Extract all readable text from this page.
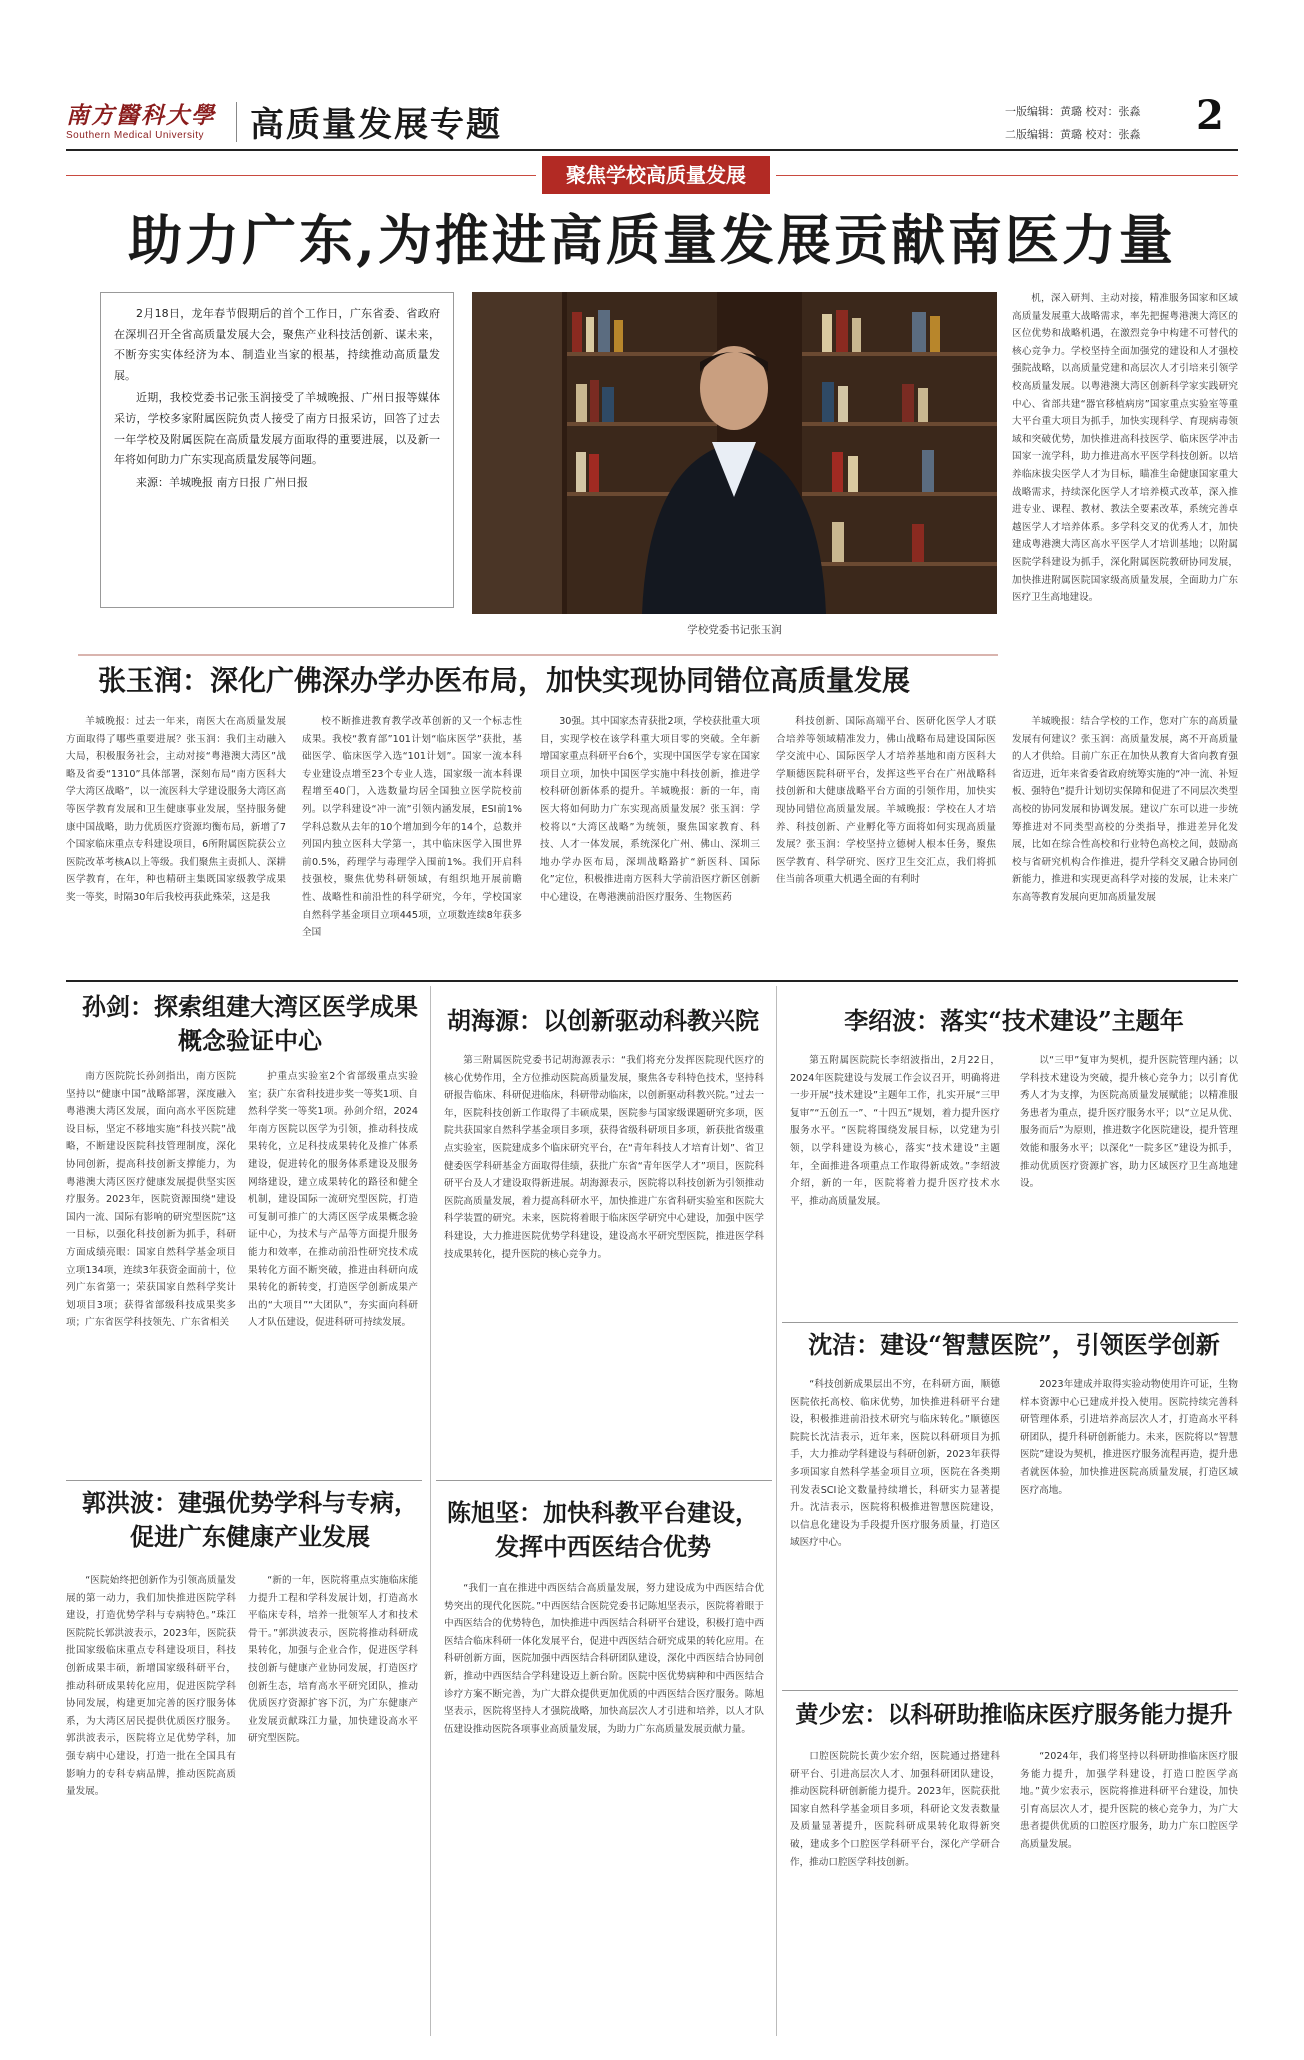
南方醫科大學
Southern Medical University	高质量发展专题	一版编辑：黄璐 校对：张淼
二版编辑：黄璐 校对：张淼 2
聚焦学校高质量发展
助力广东,为推进高质量发展贡献南医力量

2月18日，龙年春节假期后的首个工作日，广东省委、省政府在深圳召开全省高质量发展大会，聚焦产业科技活创新、谋未来，不断夯实实体经济为本、制造业当家的根基，持续推动高质量发展。

近期，我校党委书记张玉润接受了羊城晚报、广州日报等媒体采访，学校多家附属医院负责人接受了南方日报采访，回答了过去一年学校及附属医院在高质量发展方面取得的重要进展，以及新一年将如何助力广东实现高质量发展等问题。

来源：羊城晚报 南方日报 广州日报

学校党委书记张玉润

机，深入研判、主动对接，精准服务国家和区域高质量发展重大战略需求，率先把握粤港澳大湾区的区位优势和战略机遇，在激烈竞争中构建不可替代的核心竞争力。学校坚持全面加强党的建设和人才强校强院战略，以高质量党建和高层次人才引培来引领学校高质量发展。以粤港澳大湾区创新科学家实践研究中心、省部共建“器官移植病房”国家重点实验室等重大平台重大项目为抓手，加快实现科学、育现病毒领域和突破优势，加快推进高科技医学、临床医学冲击国家一流学科，助力推进高水平医学科技创新。以培养临床拔尖医学人才为目标，瞄准生命健康国家重大战略需求，持续深化医学人才培养模式改革，深入推进专业、课程、教材、教法全要素改革，系统完善卓越医学人才培养体系。多学科交叉的优秀人才，加快建成粤港澳大湾区高水平医学人才培训基地；以附属医院学科建设为抓手，深化附属医院教研协同发展，加快推进附属医院国家级高质量发展，全面助力广东医疗卫生高地建设。

张玉润：深化广佛深办学办医布局，加快实现协同错位高质量发展

羊城晚报：过去一年来，南医大在高质量发展方面取得了哪些重要进展？张玉润：我们主动融入大局，积极服务社会，主动对接“粤港澳大湾区”战略及省委“1310”具体部署，深刻布局“南方医科大学大湾区战略”，以一流医科大学建设服务大湾区高等医学教育发展和卫生健康事业发展，坚持服务健康中国战略，助力优质医疗资源均衡布局，新增了7个国家临床重点专科建设项目，6所附属医院获公立医院改革考核A以上等级。我们聚焦主责抓人、深耕医学教育，在年，种也精研主集既国家级教学成果奖一等奖，时隔30年后我校再获此殊荣，这是我

校不断推进教育教学改革创新的又一个标志性成果。我校“教育部”101计划“临床医学”获批，基础医学、临床医学入选“101计划”。国家一流本科专业建设点增至23个专业人选，国家级一流本科课程增至40门，入选数量均居全国独立医学院校前列。以学科建设“冲一流”引领内涵发展，ESI前1%学科总数从去年的10个增加到今年的14个，总数并列国内独立医科大学第一，其中临床医学入围世界前0.5%，药理学与毒理学入围前1%。我们开启科技强校，聚焦优势科研领域，有组织地开展前瞻性、战略性和前沿性的科学研究，今年，学校国家自然科学基金项目立项445项，立项数连续8年获多全国

30强。其中国家杰青获批2项，学校获批重大项目，实现学校在该学科重大项目零的突破。全年新增国家重点科研平台6个，实现中国医学专家在国家项目立项，加快中国医学实施中科技创新，推进学校科研创新体系的提升。羊城晚报：新的一年，南医大将如何助力广东实现高质量发展？张玉润：学校将以“大湾区战略”为统领，聚焦国家教育、科技、人才一体发展，系统深化广州、佛山、深圳三地办学办医布局，深圳战略路扩“新医科、国际化”定位，积极推进南方医科大学前沿医疗新区创新中心建设，在粤港澳前沿医疗服务、生物医药

科技创新、国际高端平台、医研化医学人才联合培养等领域精准发力，佛山战略布局建设国际医学交流中心、国际医学人才培养基地和南方医科大学顺德医院科研平台，发挥这些平台在广州战略科技创新和大健康战略平台方面的引领作用，加快实现协同错位高质量发展。羊城晚报：学校在人才培养、科技创新、产业孵化等方面将如何实现高质量发展？张玉润：学校坚持立德树人根本任务，聚焦医学教育、科学研究、医疗卫生交汇点，我们将抓住当前各项重大机遇全面的有利时

羊城晚报：结合学校的工作，您对广东的高质量发展有何建议？张玉润：高质量发展，离不开高质量的人才供给。目前广东正在加快从教育大省向教育强省迈进，近年来省委省政府统筹实施的“冲一流、补短板、强特色”提升计划切实保障和促进了不同层次类型高校的协同发展和协调发展。建议广东可以进一步统筹推进对不同类型高校的分类指导，推进差异化发展，比如在综合性高校和行业特色高校之间，鼓励高校与省研究机构合作推进，提升学科交叉融合协同创新能力，推进和实现更高科学对接的发展，让未来广东高等教育发展向更加高质量发展

孙剑：探索组建大湾区医学成果概念验证中心

南方医院院长孙剑指出，南方医院坚持以“健康中国”战略部署，深度融入粤港澳大湾区发展，面向高水平医院建设目标，坚定不移地实施“科技兴院”战略，不断建设医院科技管理制度，深化协同创新，提高科技创新支撑能力，为粤港澳大湾区医疗健康发展提供坚实医疗服务。2023年，医院资源围绕“建设国内一流、国际有影响的研究型医院”这一目标，以强化科技创新为抓手，科研方面成绩亮眼：国家自然科学基金项目立项134项，连续3年获资金面前十，位列广东省第一；荣获国家自然科学奖计划项目3项；获得省部级科技成果奖多项；广东省医学科技领先、广东省相关

护重点实验室2个省部级重点实验室；获广东省科技进步奖一等奖1项、自然科学奖一等奖1项。孙剑介绍，2024年南方医院以医学为引领，推动科技成果转化，立足科技成果转化及推广体系建设，促进转化的服务体系建设及服务网络建设，建立成果转化的路径和健全机制，建设国际一流研究型医院，打造可复制可推广的大湾区医学成果概念验证中心，为技术与产品等方面提升服务能力和效率，在推动前沿性研究技术成果转化方面不断突破，推进由科研向成果转化的新转变，打造医学创新成果产出的“大项目”“大团队”，夯实面向科研人才队伍建设，促进科研可持续发展。

郭洪波：建强优势学科与专病，促进广东健康产业发展

“医院始终把创新作为引领高质量发展的第一动力，我们加快推进医院学科建设，打造优势学科与专病特色。”珠江医院院长郭洪波表示，2023年，医院获批国家级临床重点专科建设项目，科技创新成果丰硕，新增国家级科研平台，推动科研成果转化应用，促进医院学科协同发展，构建更加完善的医疗服务体系，为大湾区居民提供优质医疗服务。郭洪波表示，医院将立足优势学科，加强专病中心建设，打造一批在全国具有影响力的专科专病品牌，推动医院高质量发展。

“新的一年，医院将重点实施临床能力提升工程和学科发展计划，打造高水平临床专科，培养一批领军人才和技术骨干。”郭洪波表示，医院将推动科研成果转化，加强与企业合作，促进医学科技创新与健康产业协同发展，打造医疗创新生态，培育高水平研究团队，推动优质医疗资源扩容下沉，为广东健康产业发展贡献珠江力量，加快建设高水平研究型医院。

胡海源：以创新驱动科教兴院

第三附属医院党委书记胡海源表示：“我们将充分发挥医院现代医疗的核心优势作用，全方位推动医院高质量发展，聚焦各专科特色技术，坚持科研报告临床、科研促进临床，科研带动临床，以创新驱动科教兴院。”过去一年，医院科技创新工作取得了丰硕成果，医院参与国家级课题研究多项，医院共获国家自然科学基金项目多项，获得省级科研项目多项，新获批省级重点实验室，医院建成多个临床研究平台，在“青年科技人才培育计划”、省卫健委医学科研基金方面取得佳绩，获批广东省“青年医学人才”项目，医院科研平台及人才建设取得新进展。胡海源表示，医院将以科技创新为引领推动医院高质量发展，着力提高科研水平，加快推进广东省科研实验室和医院大科学装置的研究。未来，医院将着眼于临床医学研究中心建设，加强中医学科建设，大力推进医院优势学科建设，建设高水平研究型医院，推进医学科技成果转化，提升医院的核心竞争力。

陈旭坚：加快科教平台建设，发挥中西医结合优势

“我们一直在推进中西医结合高质量发展，努力建设成为中西医结合优势突出的现代化医院。”中西医结合医院党委书记陈旭坚表示，医院将着眼于中西医结合的优势特色，加快推进中西医结合科研平台建设，积极打造中西医结合临床科研一体化发展平台，促进中西医结合研究成果的转化应用。在科研创新方面，医院加强中西医结合科研团队建设，深化中西医结合协同创新，推动中西医结合学科建设迈上新台阶。医院中医优势病种和中西医结合诊疗方案不断完善，为广大群众提供更加优质的中西医结合医疗服务。陈旭坚表示，医院将坚持人才强院战略，加快高层次人才引进和培养，以人才队伍建设推动医院各项事业高质量发展，为助力广东高质量发展贡献力量。

李绍波：落实“技术建设”主题年

第五附属医院院长李绍波指出，2月22日，2024年医院建设与发展工作会议召开，明确将进一步开展“技术建设”主题年工作，扎实开展“三甲复审”“五创五一”、“十四五”规划，着力提升医疗服务水平。“医院将围绕发展目标，以党建为引领，以学科建设为核心，落实“技术建设”主题年，全面推进各项重点工作取得新成效。”李绍波介绍，新的一年，医院将着力提升医疗技术水平，推动高质量发展。

以“三甲”复审为契机，提升医院管理内涵；以学科技术建设为突破，提升核心竞争力；以引育优秀人才为支撑，为医院高质量发展赋能；以精准服务患者为重点，提升医疗服务水平；以“立足从优、服务而后”为原则，推进数字化医院建设，提升管理效能和服务水平；以深化“一院多区”建设为抓手，推动优质医疗资源扩容，助力区域医疗卫生高地建设。

沈洁：建设“智慧医院”，引领医学创新

“科技创新成果层出不穷，在科研方面，顺德医院依托高校、临床优势，加快推进科研平台建设，积极推进前沿技术研究与临床转化。”顺德医院院长沈洁表示，近年来，医院以科研项目为抓手，大力推动学科建设与科研创新，2023年获得多项国家自然科学基金项目立项，医院在各类期刊发表SCI论文数量持续增长，科研实力显著提升。沈洁表示，医院将积极推进智慧医院建设，以信息化建设为手段提升医疗服务质量，打造区域医疗中心。

2023年建成并取得实验动物使用许可证，生物样本资源中心已建成并投入使用。医院持续完善科研管理体系，引进培养高层次人才，打造高水平科研团队，提升科研创新能力。未来，医院将以“智慧医院”建设为契机，推进医疗服务流程再造，提升患者就医体验，加快推进医院高质量发展，打造区域医疗高地。

黄少宏：以科研助推临床医疗服务能力提升

口腔医院院长黄少宏介绍，医院通过搭建科研平台、引进高层次人才、加强科研团队建设，推动医院科研创新能力提升。2023年，医院获批国家自然科学基金项目多项，科研论文发表数量及质量显著提升，医院科研成果转化取得新突破，建成多个口腔医学科研平台，深化产学研合作，推动口腔医学科技创新。

“2024年，我们将坚持以科研助推临床医疗服务能力提升，加强学科建设，打造口腔医学高地。”黄少宏表示，医院将推进科研平台建设，加快引育高层次人才，提升医院的核心竞争力，为广大患者提供优质的口腔医疗服务，助力广东口腔医学高质量发展。
